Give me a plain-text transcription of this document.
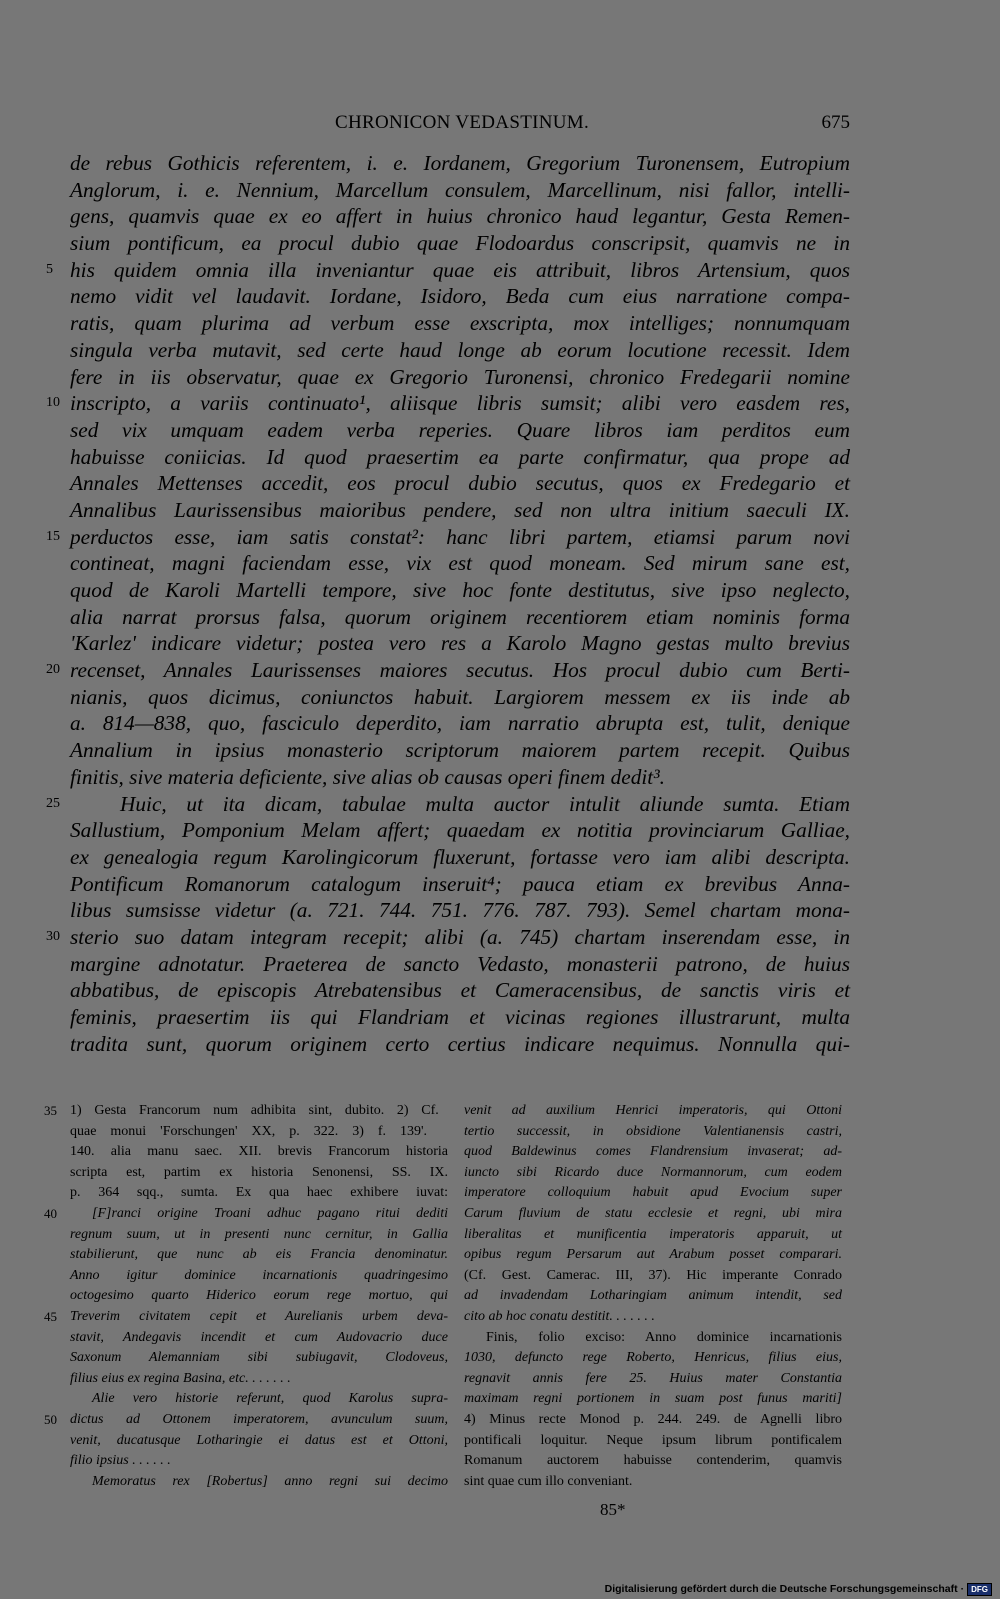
CHRONICON VEDASTINUM.	675
de rebus Gothicis referentem, i. e. Iordanem, Gregorium Turonensem, Eutropium
Anglorum, i. e. Nennium, Marcellum consulem, Marcellinum, nisi fallor, intelli-
gens, quamvis quae ex eo affert in huius chronico haud legantur, Gesta Remen-
sium pontificum, ea procul dubio quae Flodoardus conscripsit, quamvis ne in
5 his quidem omnia illa inveniantur quae eis attribuit, libros Artensium, quos
nemo vidit vel laudavit. Iordane, Isidoro, Beda cum eius narratione compa-
ratis, quam plurima ad verbum esse exscripta, mox intelliges; nonnumquam
singula verba mutavit, sed certe haud longe ab eorum locutione recessit. Idem
fere in iis observatur, quae ex Gregorio Turonensi, chronico Fredegarii nomine
10 inscripto, a variis continuato¹, aliisque libris sumsit; alibi vero easdem res,
sed vix umquam eadem verba reperies. Quare libros iam perditos eum
habuisse coniicias. Id quod praesertim ea parte confirmatur, qua prope ad
Annales Mettenses accedit, eos procul dubio secutus, quos ex Fredegario et
Annalibus Laurissensibus maioribus pendere, sed non ultra initium saeculi IX.
15 perductos esse, iam satis constat²: hanc libri partem, etiamsi parum novi
contineat, magni faciendam esse, vix est quod moneam. Sed mirum sane est,
quod de Karoli Martelli tempore, sive hoc fonte destitutus, sive ipso neglecto,
alia narrat prorsus falsa, quorum originem recentiorem etiam nominis forma
'Karlez' indicare videtur; postea vero res a Karolo Magno gestas multo brevius
20 recenset, Annales Laurissenses maiores secutus. Hos procul dubio cum Berti-
nianis, quos dicimus, coniunctos habuit. Largiorem messem ex iis inde ab
a. 814—838, quo, fasciculo deperdito, iam narratio abrupta est, tulit, denique
Annalium in ipsius monasterio scriptorum maiorem partem recepit. Quibus
finitis, sive materia deficiente, sive alias ob causas operi finem dedit³.
25	Huic, ut ita dicam, tabulae multa auctor intulit aliunde sumta. Etiam
Sallustium, Pomponium Melam affert; quaedam ex notitia provinciarum Galliae,
ex genealogia regum Karolingicorum fluxerunt, fortasse vero iam alibi descripta.
Pontificum Romanorum catalogum inseruit⁴; pauca etiam ex brevibus Anna-
libus sumsisse videtur (a. 721. 744. 751. 776. 787. 793). Semel chartam mona-
30 sterio suo datam integram recepit; alibi (a. 745) chartam inserendam esse, in
margine adnotatur. Praeterea de sancto Vedasto, monasterii patrono, de huius
abbatibus, de episcopis Atrebatensibus et Cameracensibus, de sanctis viris et
feminis, praesertim iis qui Flandriam et vicinas regiones illustrarunt, multa
tradita sunt, quorum originem certo certius indicare nequimus. Nonnulla qui-
35 1) Gesta Francorum num adhibita sint, dubito. 2) Cf.
quae monui 'Forschungen' XX, p. 322. 3) f. 139'.
140. alia manu saec. XII. brevis Francorum historia
scripta est, partim ex historia Senonensi, SS. IX.
p. 364 sqq., sumta. Ex qua haec exhibere iuvat:
40	[F]ranci origine Troani adhuc pagano ritui dediti
regnum suum, ut in presenti nunc cernitur, in Gallia
stabilierunt, que nunc ab eis Francia denominatur.
Anno igitur dominice incarnationis quadringesimo
octogesimo quarto Hiderico eorum rege mortuo, qui
45 Treverim civitatem cepit et Aurelianis urbem deva-
stavit, Andegavis incendit et cum Audovacrio duce
Saxonum Alemanniam sibi subiugavit, Clodoveus,
filius eius ex regina Basina, etc. . . . . . .
Alie vero historie referunt, quod Karolus supra-
50 dictus ad Ottonem imperatorem, avunculum suum,
venit, ducatusque Lotharingie ei datus est et Ottoni,
filio ipsius . . . . . .
Memoratus rex [Robertus] anno regni sui decimo
venit ad auxilium Henrici imperatoris, qui Ottoni
tertio successit, in obsidione Valentianensis castri,
quod Baldewinus comes Flandrensium invaserat; ad-
iuncto sibi Ricardo duce Normannorum, cum eodem
imperatore colloquium habuit apud Evocium super
Carum fluvium de statu ecclesie et regni, ubi mira
liberalitas et munificentia imperatoris apparuit, ut
opibus regum Persarum aut Arabum posset comparari.
(Cf. Gest. Camerac. III, 37). Hic imperante Conrado
ad invadendam Lotharingiam animum intendit, sed
cito ab hoc conatu destitit. . . . . . .
Finis, folio exciso: Anno dominice incarnationis
1030, defuncto rege Roberto, Henricus, filius eius,
regnavit annis fere 25. Huius mater Constantia
maximam regni portionem in suam post funus mariti]
4) Minus recte Monod p. 244. 249. de Agnelli libro
pontificali loquitur. Neque ipsum librum pontificalem
Romanum auctorem habuisse contenderim, quamvis
sint quae cum illo conveniant.
85*
Digitalisierung gefördert durch die Deutsche Forschungsgemeinschaft · DFG
